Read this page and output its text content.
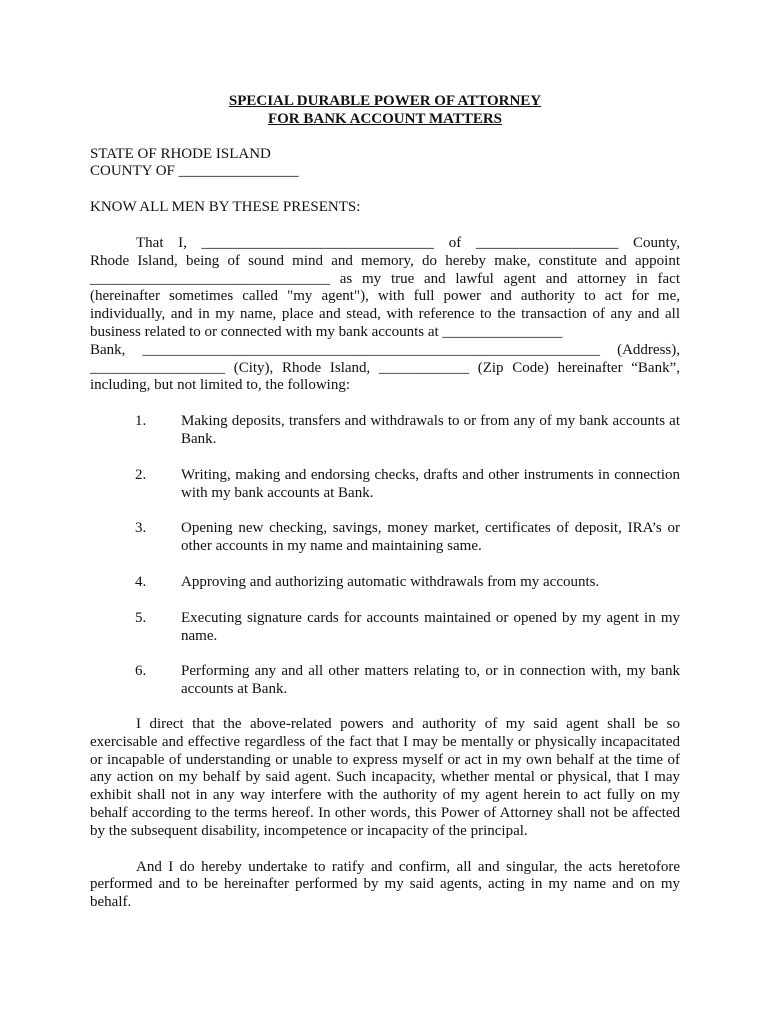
SPECIAL DURABLE POWER OF ATTORNEY
FOR BANK ACCOUNT MATTERS
STATE OF RHODE ISLAND
COUNTY OF ________________
KNOW ALL MEN BY THESE PRESENTS:
That I, _______________________________ of ___________________ County,
Rhode Island, being of sound mind and memory, do hereby make, constitute and appoint
________________________________ as my true and lawful agent and attorney in fact
(hereinafter sometimes called "my agent"), with full power and authority to act for me,
individually, and in my name, place and stead, with reference to the transaction of any and all
business related to or connected with my bank accounts at ________________
Bank, _____________________________________________________________ (Address),
__________________ (City), Rhode Island, ____________ (Zip Code) hereinafter “Bank”,
including, but not limited to, the following:
1. Making deposits, transfers and withdrawals to or from any of my bank accounts at Bank.
2. Writing, making and endorsing checks, drafts and other instruments in connection with my bank accounts at Bank.
3. Opening new checking, savings, money market, certificates of deposit, IRA’s or other accounts in my name and maintaining same.
4. Approving and authorizing automatic withdrawals from my accounts.
5. Executing signature cards for accounts maintained or opened by my agent in my name.
6. Performing any and all other matters relating to, or in connection with, my bank accounts at Bank.
I direct that the above-related powers and authority of my said agent shall be so exercisable and effective regardless of the fact that I may be mentally or physically incapacitated or incapable of understanding or unable to express myself or act in my own behalf at the time of any action on my behalf by said agent. Such incapacity, whether mental or physical, that I may exhibit shall not in any way interfere with the authority of my agent herein to act fully on my behalf according to the terms hereof. In other words, this Power of Attorney shall not be affected by the subsequent disability, incompetence or incapacity of the principal.
And I do hereby undertake to ratify and confirm, all and singular, the acts heretofore performed and to be hereinafter performed by my said agents, acting in my name and on my behalf.
